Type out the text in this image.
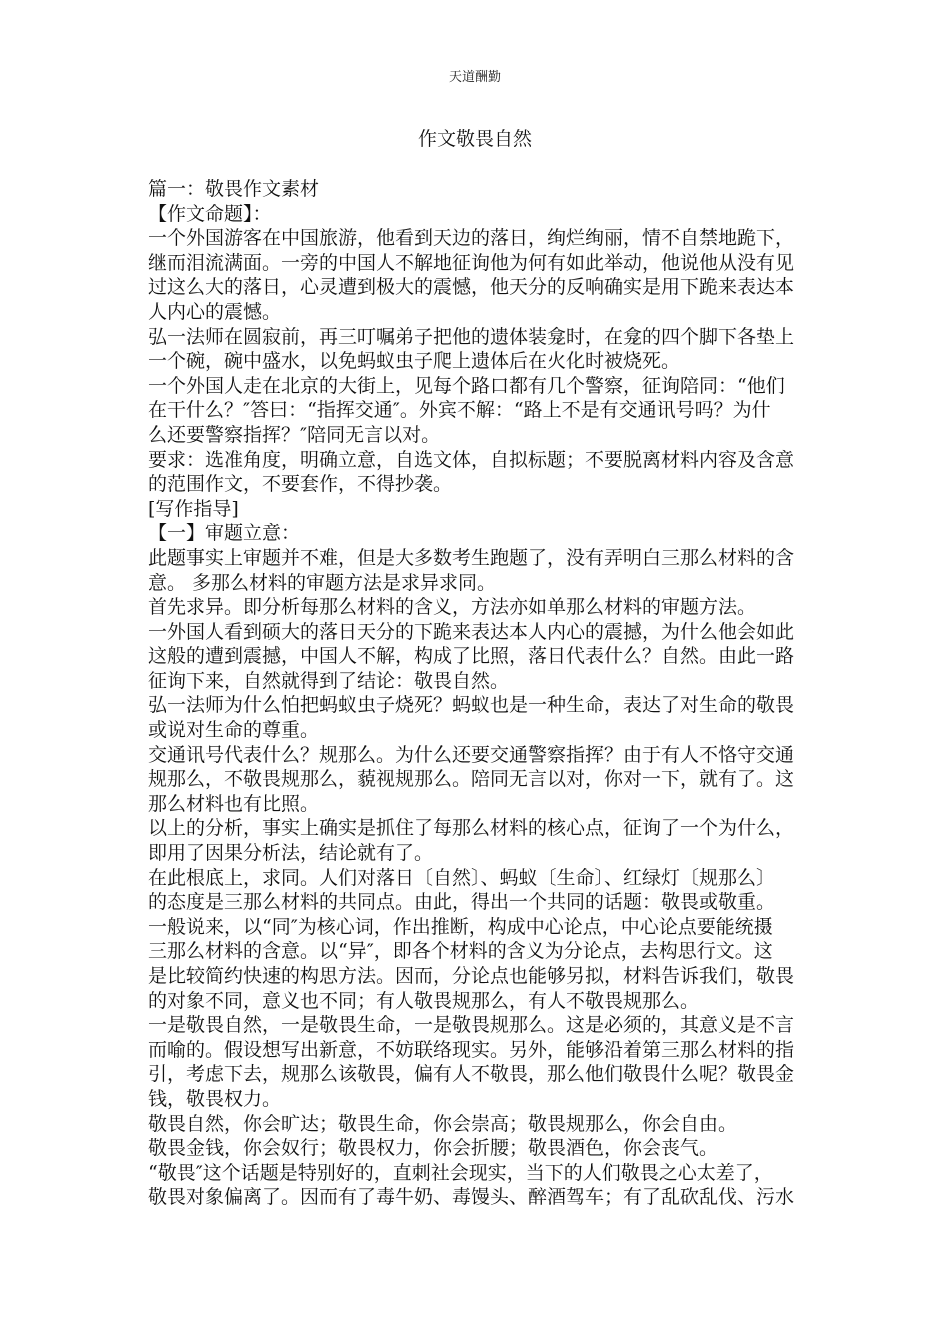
天道酬勤
作文敬畏自然
篇一：敬畏作文素材
【作文命题】：
一个外国游客在中国旅游，他看到天边的落日，绚烂绚丽，情不自禁地跪下，
继而泪流满面。一旁的中国人不解地征询他为何有如此举动，他说他从没有见
过这么大的落日，心灵遭到极大的震憾，他天分的反响确实是用下跪来表达本
人内心的震憾。
弘一法师在圆寂前，再三叮嘱弟子把他的遗体装龛时，在龛的四个脚下各垫上
一个碗，碗中盛水，以免蚂蚁虫子爬上遗体后在火化时被烧死。
一个外国人走在北京的大街上，见每个路口都有几个警察，征询陪同：“他们
在干什么？″答曰：“指挥交通″。外宾不解：“路上不是有交通讯号吗？为什
么还要警察指挥？″陪同无言以对。
要求：选准角度，明确立意，自选文体，自拟标题；不要脱离材料内容及含意
的范围作文，不要套作，不得抄袭。
[写作指导]
【一】审题立意：
此题事实上审题并不难，但是大多数考生跑题了，没有弄明白三那么材料的含
意。 多那么材料的审题方法是求异求同。
首先求异。即分析每那么材料的含义，方法亦如单那么材料的审题方法。
一外国人看到硕大的落日天分的下跪来表达本人内心的震撼，为什么他会如此
这般的遭到震撼，中国人不解，构成了比照，落日代表什么？自然。由此一路
征询下来，自然就得到了结论：敬畏自然。
弘一法师为什么怕把蚂蚁虫子烧死？蚂蚁也是一种生命，表达了对生命的敬畏
或说对生命的尊重。
交通讯号代表什么？规那么。为什么还要交通警察指挥？由于有人不恪守交通
规那么，不敬畏规那么，藐视规那么。陪同无言以对，你对一下，就有了。这
那么材料也有比照。
以上的分析，事实上确实是抓住了每那么材料的核心点，征询了一个为什么，
即用了因果分析法，结论就有了。
在此根底上，求同。人们对落日〔自然〕、蚂蚁〔生命〕、红绿灯〔规那么〕
的态度是三那么材料的共同点。由此，得出一个共同的话题：敬畏或敬重。
一般说来，以“同″为核心词，作出推断，构成中心论点，中心论点要能统摄
三那么材料的含意。以“异″，即各个材料的含义为分论点，去构思行文。这
是比较简约快速的构思方法。因而，分论点也能够另拟，材料告诉我们，敬畏
的对象不同，意义也不同；有人敬畏规那么，有人不敬畏规那么。
一是敬畏自然，一是敬畏生命，一是敬畏规那么。这是必须的，其意义是不言
而喻的。假设想写出新意，不妨联络现实。另外，能够沿着第三那么材料的指
引，考虑下去，规那么该敬畏，偏有人不敬畏，那么他们敬畏什么呢？敬畏金
钱，敬畏权力。
敬畏自然，你会旷达；敬畏生命，你会崇高；敬畏规那么，你会自由。
敬畏金钱，你会奴行；敬畏权力，你会折腰；敬畏酒色，你会丧气。
“敬畏″这个话题是特别好的，直刺社会现实，当下的人们敬畏之心太差了，
敬畏对象偏离了。因而有了毒牛奶、毒馒头、醉酒驾车；有了乱砍乱伐、污水
